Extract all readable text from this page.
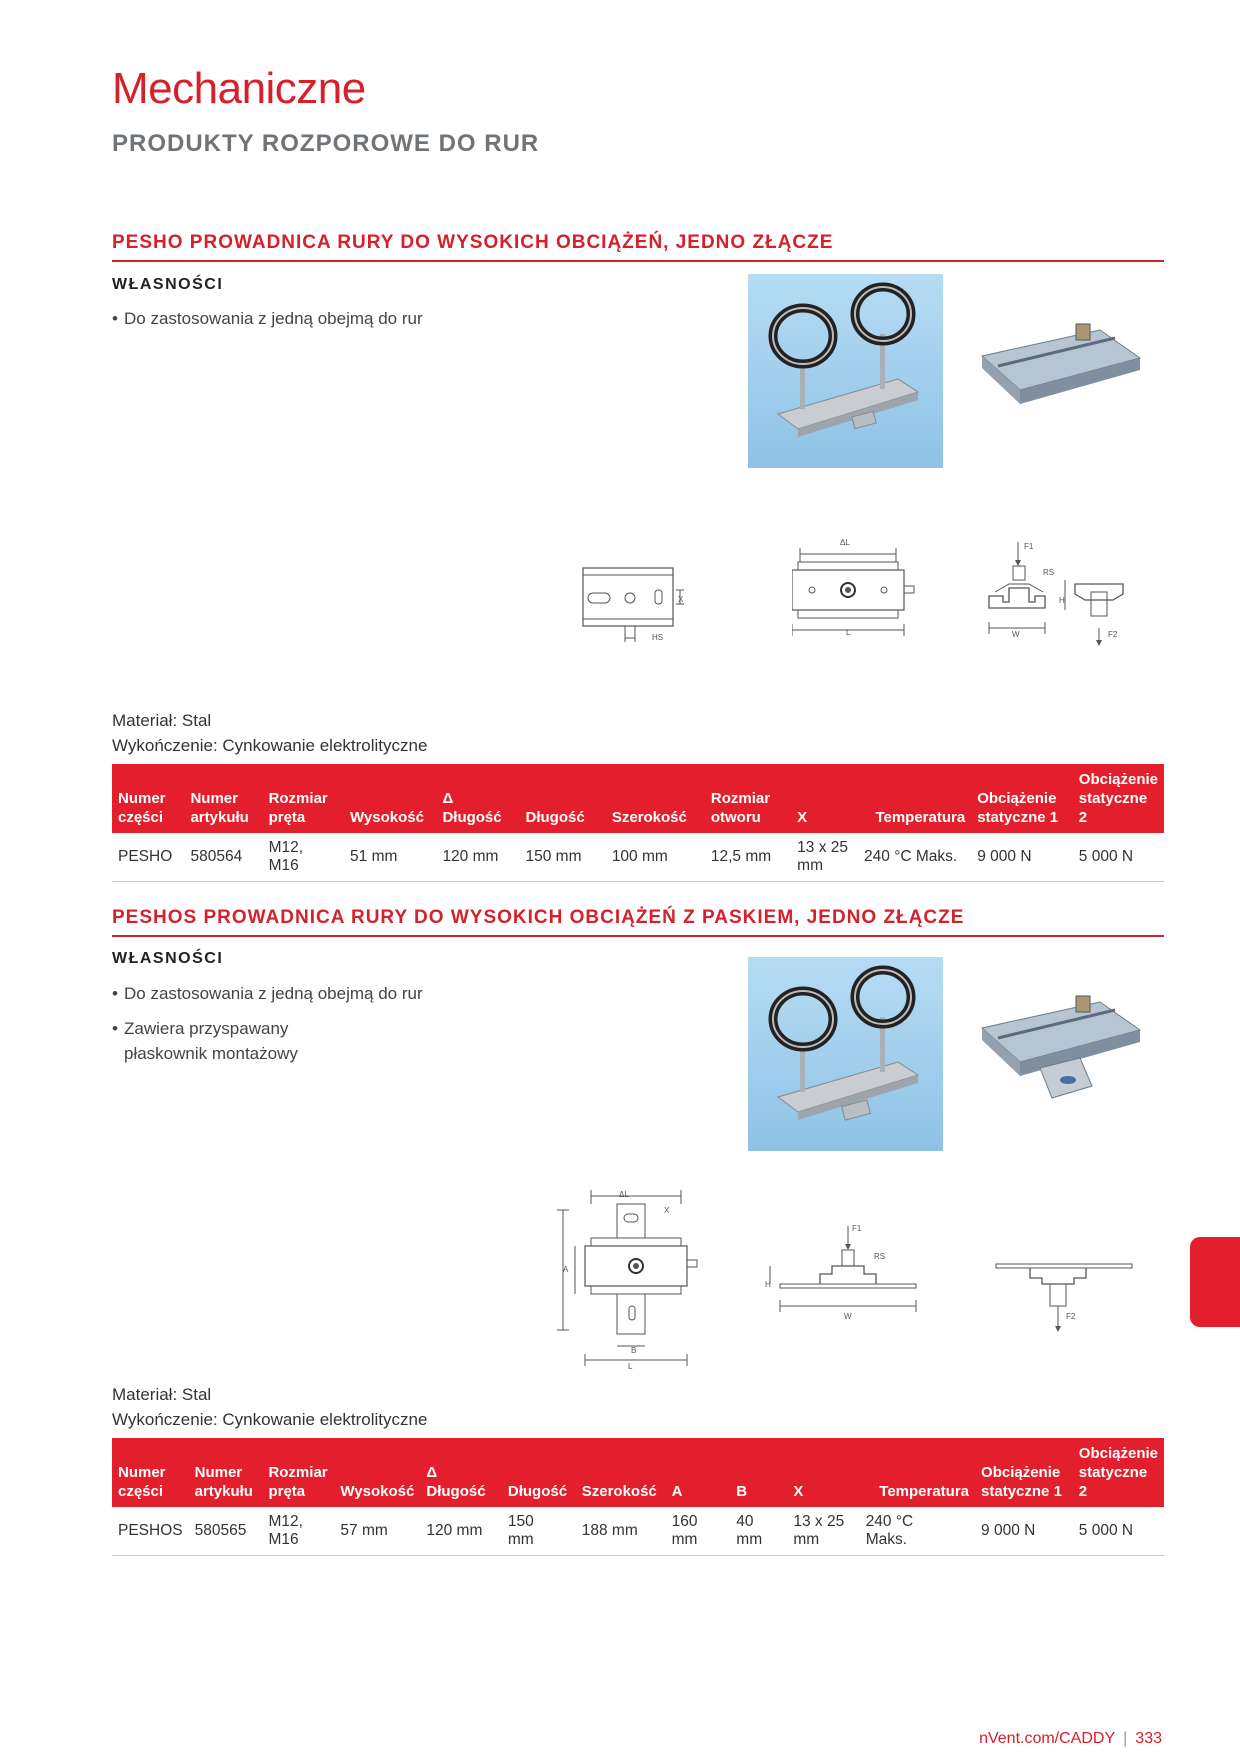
Mechaniczne
PRODUKTY ROZPOROWE DO RUR
PESHO PROWADNICA RURY DO WYSOKICH OBCIĄŻEŃ, JEDNO ZŁĄCZE
WŁASNOŚCI
• Do zastosowania z jedną obejmą do rur
X
HS
ΔL
L
F1
RS
H
W	F2
Materiał: Stal
Wykończenie: Cynkowanie elektrolityczne
Numer
części	Numer
artykułu	Rozmiar
pręta	Wysokość	Δ
Długość	Długość	Szerokość	Rozmiar
otworu	X	Temperatura	Obciążenie
statyczne 1	Obciążenie
statyczne 2
PESHO	580564	M12,
M16	51 mm	120 mm	150 mm	100 mm	12,5 mm	13 x 25
mm	240 °C Maks.	9 000 N	5 000 N
PESHOS PROWADNICA RURY DO WYSOKICH OBCIĄŻEŃ Z PASKIEM, JEDNO ZŁĄCZE
WŁASNOŚCI
• Do zastosowania z jedną obejmą do rur
• Zawiera przyspawany
płaskownik montażowy
ΔL
X
A
B
L
F1
RS
H
W	F2
Materiał: Stal
Wykończenie: Cynkowanie elektrolityczne
Numer
części	Numer
artykułu	Rozmiar
pręta	Wysokość	Δ
Długość	Długość	Szerokość	A	B	X	Temperatura	Obciążenie
statyczne 1	Obciążenie
statyczne 2
PESHOS	580565	M12,
M16	57 mm	120 mm	150
mm	188 mm	160
mm	40
mm	13 x 25
mm	240 °C
Maks.	9 000 N	5 000 N
nVent.com/CADDY | 333
